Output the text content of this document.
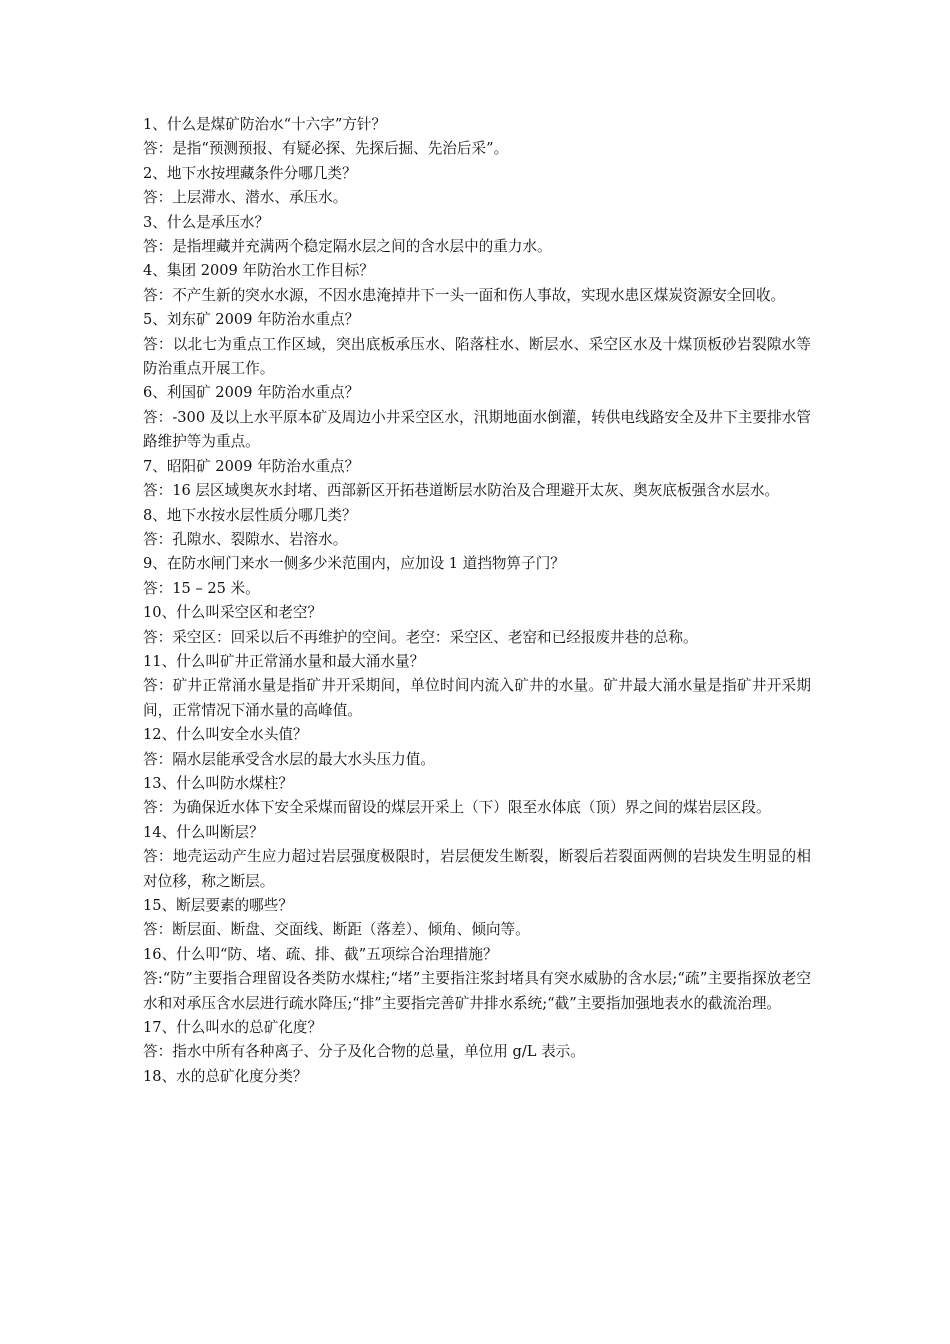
1、什么是煤矿防治水“十六字”方针？
答：是指“预测预报、有疑必探、先探后掘、先治后采”。
2、地下水按埋藏条件分哪几类？
答：上层滞水、潜水、承压水。
3、什么是承压水？
答：是指埋藏并充满两个稳定隔水层之间的含水层中的重力水。
4、集团 2009 年防治水工作目标？
答：不产生新的突水水源，不因水患淹掉井下一头一面和伤人事故，实现水患区煤炭资源安全回收。
5、刘东矿 2009 年防治水重点？
答：以北七为重点工作区域，突出底板承压水、陷落柱水、断层水、采空区水及十煤顶板砂岩裂隙水等防治重点开展工作。
6、利国矿 2009 年防治水重点？
答：-300 及以上水平原本矿及周边小井采空区水，汛期地面水倒灌，转供电线路安全及井下主要排水管路维护等为重点。
7、昭阳矿 2009 年防治水重点？
答：16 层区域奥灰水封堵、西部新区开拓巷道断层水防治及合理避开太灰、奥灰底板强含水层水。
8、地下水按水层性质分哪几类？
答：孔隙水、裂隙水、岩溶水。
9、在防水闸门来水一侧多少米范围内，应加设 1 道挡物箅子门？
答：15 – 25 米。
10、什么叫采空区和老空？
答：采空区：回采以后不再维护的空间。老空：采空区、老窑和已经报废井巷的总称。
11、什么叫矿井正常涌水量和最大涌水量？
答：矿井正常涌水量是指矿井开采期间，单位时间内流入矿井的水量。矿井最大涌水量是指矿井开采期间，正常情况下涌水量的高峰值。
12、什么叫安全水头值？
答：隔水层能承受含水层的最大水头压力值。
13、什么叫防水煤柱？
答：为确保近水体下安全采煤而留设的煤层开采上（下）限至水体底（顶）界之间的煤岩层区段。
14、什么叫断层？
答：地壳运动产生应力超过岩层强度极限时，岩层便发生断裂，断裂后若裂面两侧的岩块发生明显的相对位移，称之断层。
15、断层要素的哪些？
答：断层面、断盘、交面线、断距（落差）、倾角、倾向等。
16、什么叩“防、堵、疏、排、截”五项综合治理措施？
答:“防”主要指合理留设各类防水煤柱;“堵”主要指注浆封堵具有突水威胁的含水层;“疏”主要指探放老空水和对承压含水层进行疏水降压;“排”主要指完善矿井排水系统;“截”主要指加强地表水的截流治理。
17、什么叫水的总矿化度？
答：指水中所有各种离子、分子及化合物的总量，单位用 g/L 表示。
18、水的总矿化度分类？
